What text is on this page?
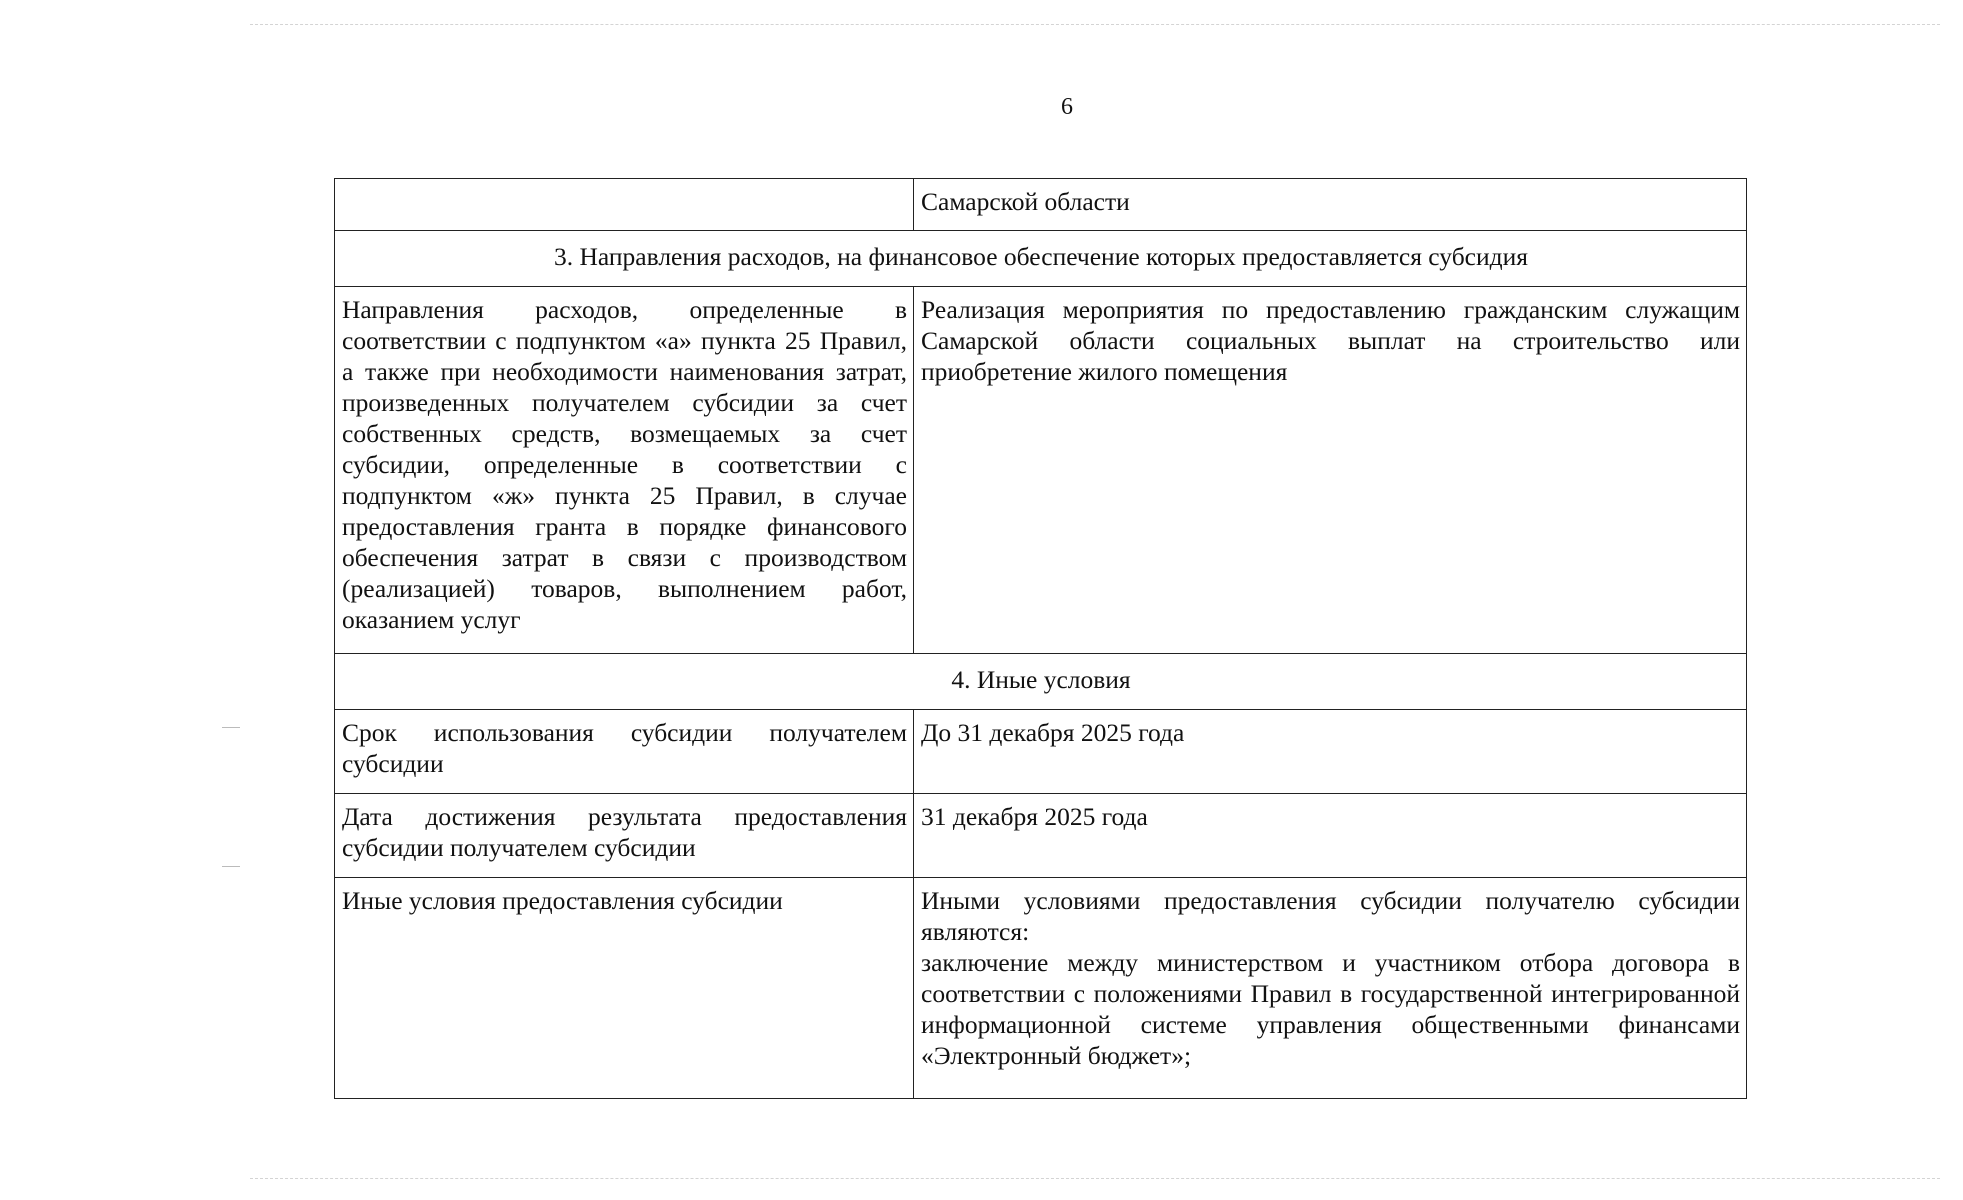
6
	Самарской области
3. Направления расходов, на финансовое обеспечение которых предоставляется субсидия	
Направления расходов, определенные в соответствии с подпунктом «а» пункта 25 Правил, а также при необходимости наименования затрат, произведенных получателем субсидии за счет собственных средств, возмещаемых за счет субсидии, определенные в соответствии с подпунктом «ж» пункта 25 Правил, в случае предоставления гранта в порядке финансового обеспечения затрат в связи с производством (реализацией) товаров, выполнением работ, оказанием услуг	Реализация мероприятия по предоставлению гражданским служащим Самарской области социальных выплат на строительство или приобретение жилого помещения
4. Иные условия	
Срок использования субсидии получателем субсидии	До 31 декабря 2025 года
Дата достижения результата предоставления субсидии получателем субсидии	31 декабря 2025 года
Иные условия предоставления субсидии	Иными условиями предоставления субсидии получателю субсидии являются:
заключение между министерством и участником отбора договора в соответствии с положениями Правил в государственной интегрированной информационной системе управления общественными финансами «Электронный бюджет»;
